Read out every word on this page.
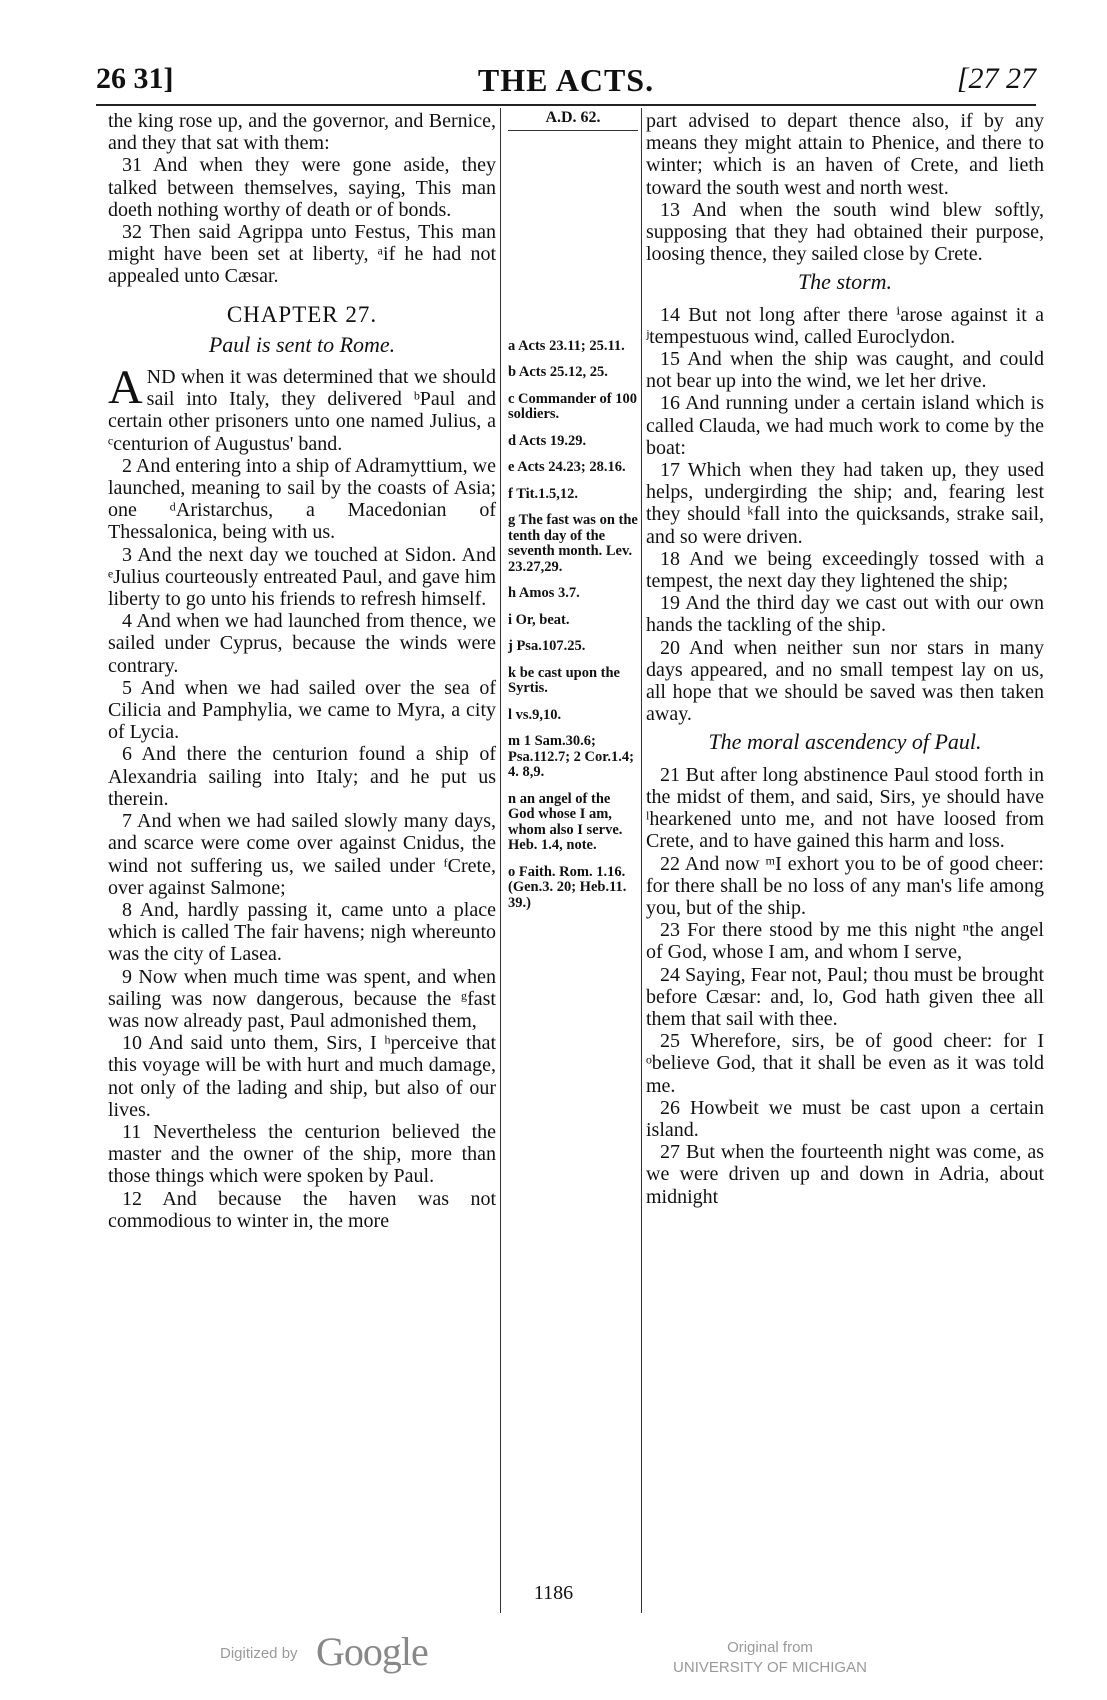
26 31]	THE ACTS.	[27 27

the king rose up, and the governor, and Bernice, and they that sat with them:

31 And when they were gone aside, they talked between themselves, saying, This man doeth nothing worthy of death or of bonds.

32 Then said Agrippa unto Festus, This man might have been set at liberty, ᵃif he had not appealed unto Cæsar.

CHAPTER 27.
Paul is sent to Rome.

AND when it was determined that we should sail into Italy, they delivered ᵇPaul and certain other prisoners unto one named Julius, a ᶜcenturion of Augustus' band.

2 And entering into a ship of Adramyttium, we launched, meaning to sail by the coasts of Asia; one ᵈAristarchus, a Macedonian of Thessalonica, being with us.

3 And the next day we touched at Sidon. And ᵉJulius courteously entreated Paul, and gave him liberty to go unto his friends to refresh himself.

4 And when we had launched from thence, we sailed under Cyprus, because the winds were contrary.

5 And when we had sailed over the sea of Cilicia and Pamphylia, we came to Myra, a city of Lycia.

6 And there the centurion found a ship of Alexandria sailing into Italy; and he put us therein.

7 And when we had sailed slowly many days, and scarce were come over against Cnidus, the wind not suffering us, we sailed under ᶠCrete, over against Salmone;

8 And, hardly passing it, came unto a place which is called The fair havens; nigh whereunto was the city of Lasea.

9 Now when much time was spent, and when sailing was now dangerous, because the ᵍfast was now already past, Paul admonished them,

10 And said unto them, Sirs, I ʰperceive that this voyage will be with hurt and much damage, not only of the lading and ship, but also of our lives.

11 Nevertheless the centurion believed the master and the owner of the ship, more than those things which were spoken by Paul.

12 And because the haven was not commodious to winter in, the more

A.D. 62.
a Acts 23.11; 25.11.
b Acts 25.12, 25.
c Commander of 100 soldiers.
d Acts 19.29.
e Acts 24.23; 28.16.
f Tit.1.5,12.
g The fast was on the tenth day of the seventh month. Lev. 23.27,29.
h Amos 3.7.
i Or, beat.
j Psa.107.25.
k be cast upon the Syrtis.
l vs.9,10.
m 1 Sam.30.6; Psa.112.7; 2 Cor.1.4; 4. 8,9.
n an angel of the God whose I am, whom also I serve. Heb. 1.4, note.
o Faith. Rom. 1.16. (Gen.3. 20; Heb.11. 39.)

part advised to depart thence also, if by any means they might attain to Phenice, and there to winter; which is an haven of Crete, and lieth toward the south west and north west.

13 And when the south wind blew softly, supposing that they had obtained their purpose, loosing thence, they sailed close by Crete.

The storm.

14 But not long after there ⁱarose against it a ʲtempestuous wind, called Euroclydon.

15 And when the ship was caught, and could not bear up into the wind, we let her drive.

16 And running under a certain island which is called Clauda, we had much work to come by the boat:

17 Which when they had taken up, they used helps, undergirding the ship; and, fearing lest they should ᵏfall into the quicksands, strake sail, and so were driven.

18 And we being exceedingly tossed with a tempest, the next day they lightened the ship;

19 And the third day we cast out with our own hands the tackling of the ship.

20 And when neither sun nor stars in many days appeared, and no small tempest lay on us, all hope that we should be saved was then taken away.

The moral ascendency of Paul.

21 But after long abstinence Paul stood forth in the midst of them, and said, Sirs, ye should have ˡhearkened unto me, and not have loosed from Crete, and to have gained this harm and loss.

22 And now ᵐI exhort you to be of good cheer: for there shall be no loss of any man's life among you, but of the ship.

23 For there stood by me this night ⁿthe angel of God, whose I am, and whom I serve,

24 Saying, Fear not, Paul; thou must be brought before Cæsar: and, lo, God hath given thee all them that sail with thee.

25 Wherefore, sirs, be of good cheer: for I ᵒbelieve God, that it shall be even as it was told me.

26 Howbeit we must be cast upon a certain island.

27 But when the fourteenth night was come, as we were driven up and down in Adria, about midnight

1186
Digitized by Google	Original from
UNIVERSITY OF MICHIGAN
